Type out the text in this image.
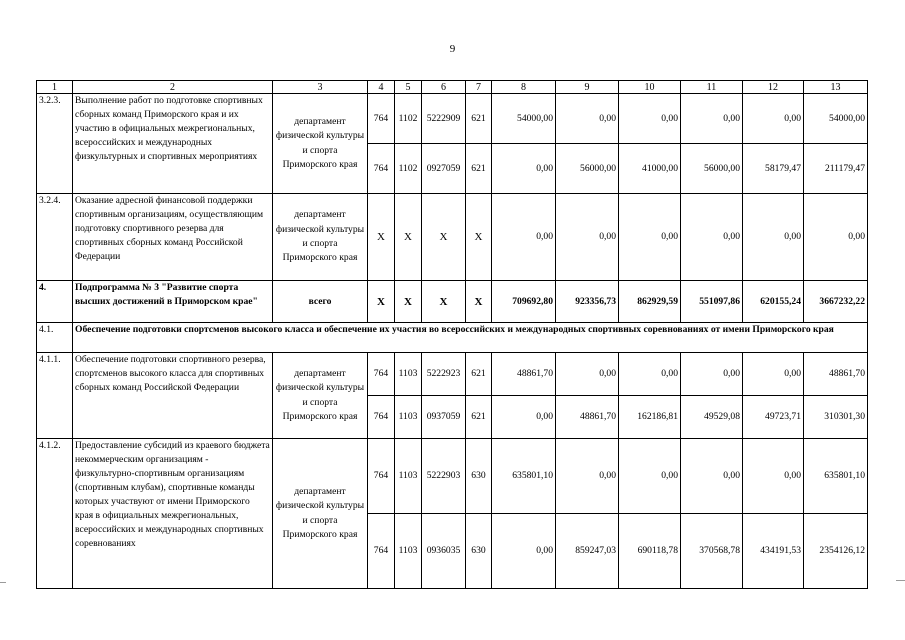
9
1	2	3	4	5	6	7	8	9	10	11	12	13
3.2.3.	Выполнение работ по подготовке спортивных сборных команд Приморского края и их участию в официальных межрегиональных, всероссийских и международных физкультурных и спортивных мероприятиях	департамент физической культуры и спорта Приморского края	764	1102	5222909	621	54000,00	0,00	0,00	0,00	0,00	54000,00
			764	1102	0927059	621	0,00	56000,00	41000,00	56000,00	58179,47	211179,47
3.2.4.	Оказание адресной финансовой поддержки спортивным организациям, осуществляющим подготовку спортивного резерва для спортивных сборных команд Российской Федерации	департамент физической культуры и спорта Приморского края	X	X	X	X	0,00	0,00	0,00	0,00	0,00	0,00
4.	Подпрограмма № 3 "Развитие спорта высших достижений в Приморском крае"	всего	X	X	X	X	709692,80	923356,73	862929,59	551097,86	620155,24	3667232,22
4.1.	Обеспечение подготовки спортсменов высокого класса и обеспечение их участия во всероссийских и международных спортивных соревнованиях от имени Приморского края											
4.1.1.	Обеспечение подготовки спортивного резерва, спортсменов высокого класса для спортивных сборных команд Российской Федерации	департамент физической культуры и спорта Приморского края	764	1103	5222923	621	48861,70	0,00	0,00	0,00	0,00	48861,70
			764	1103	0937059	621	0,00	48861,70	162186,81	49529,08	49723,71	310301,30
4.1.2.	Предоставление субсидий из краевого бюджета некоммерческим организациям - физкультурно-спортивным организациям (спортивным клубам), спортивные команды которых участвуют от имени Приморского края в официальных межрегиональных, всероссийских и международных спортивных соревнованиях	департамент физической культуры и спорта Приморского края	764	1103	5222903	630	635801,10	0,00	0,00	0,00	0,00	635801,10
			764	1103	0936035	630	0,00	859247,03	690118,78	370568,78	434191,53	2354126,12
